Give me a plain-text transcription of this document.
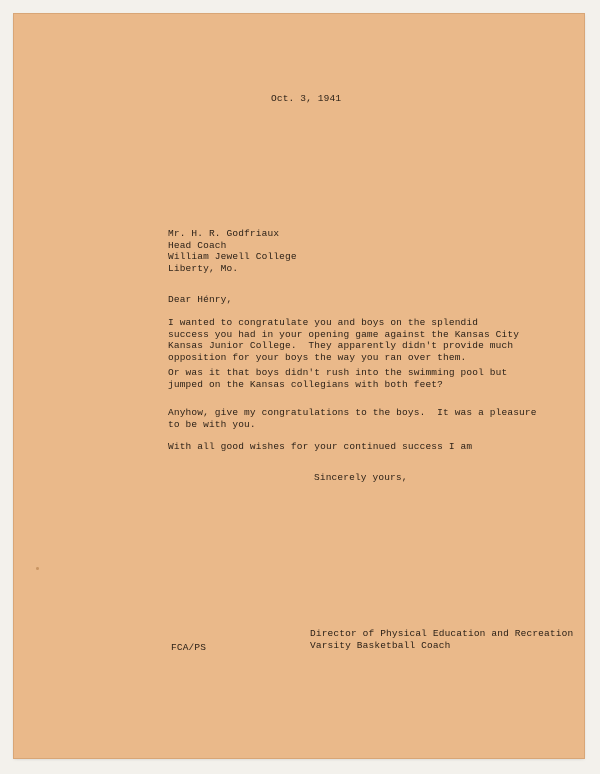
Oct. 3, 1941
Mr. H. R. Godfriaux
Head Coach
William Jewell College
Liberty, Mo.
Dear Hénry,
I wanted to congratulate you and boys on the splendid
success you had in your opening game against the Kansas City
Kansas Junior College.  They apparently didn't provide much
opposition for your boys the way you ran over them.
Or was it that boys didn't rush into the swimming pool but
jumped on the Kansas collegians with both feet?
Anyhow, give my congratulations to the boys.  It was a pleasure
to be with you.
With all good wishes for your continued success I am
Sincerely yours,
FCA/PS
Director of Physical Education and Recreation
Varsity Basketball Coach
